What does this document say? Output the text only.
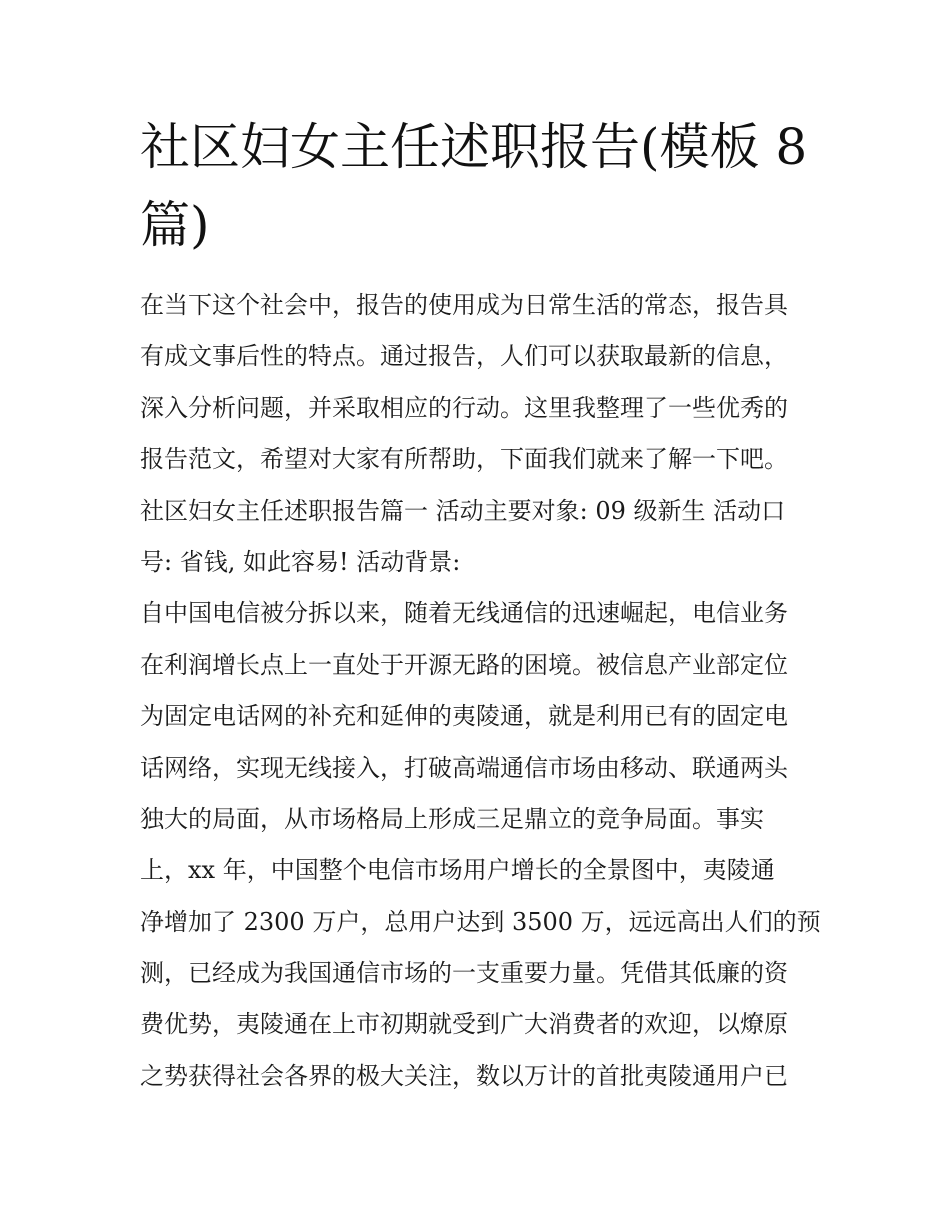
社区妇女主任述职报告(模板 8
篇)
在当下这个社会中，报告的使用成为日常生活的常态，报告具
有成文事后性的特点。通过报告，人们可以获取最新的信息，
深入分析问题，并采取相应的行动。这里我整理了一些优秀的
报告范文，希望对大家有所帮助，下面我们就来了解一下吧。
社区妇女主任述职报告篇一 活动主要对象: 09 级新生 活动口
号: 省钱, 如此容易! 活动背景:
自中国电信被分拆以来，随着无线通信的迅速崛起，电信业务
在利润增长点上一直处于开源无路的困境。被信息产业部定位
为固定电话网的补充和延伸的夷陵通，就是利用已有的固定电
话网络，实现无线接入，打破高端通信市场由移动、联通两头
独大的局面，从市场格局上形成三足鼎立的竞争局面。事实
上，xx 年，中国整个电信市场用户增长的全景图中，夷陵通
净增加了 2300 万户，总用户达到 3500 万，远远高出人们的预
测，已经成为我国通信市场的一支重要力量。凭借其低廉的资
费优势，夷陵通在上市初期就受到广大消费者的欢迎，以燎原
之势获得社会各界的极大关注，数以万计的首批夷陵通用户已
